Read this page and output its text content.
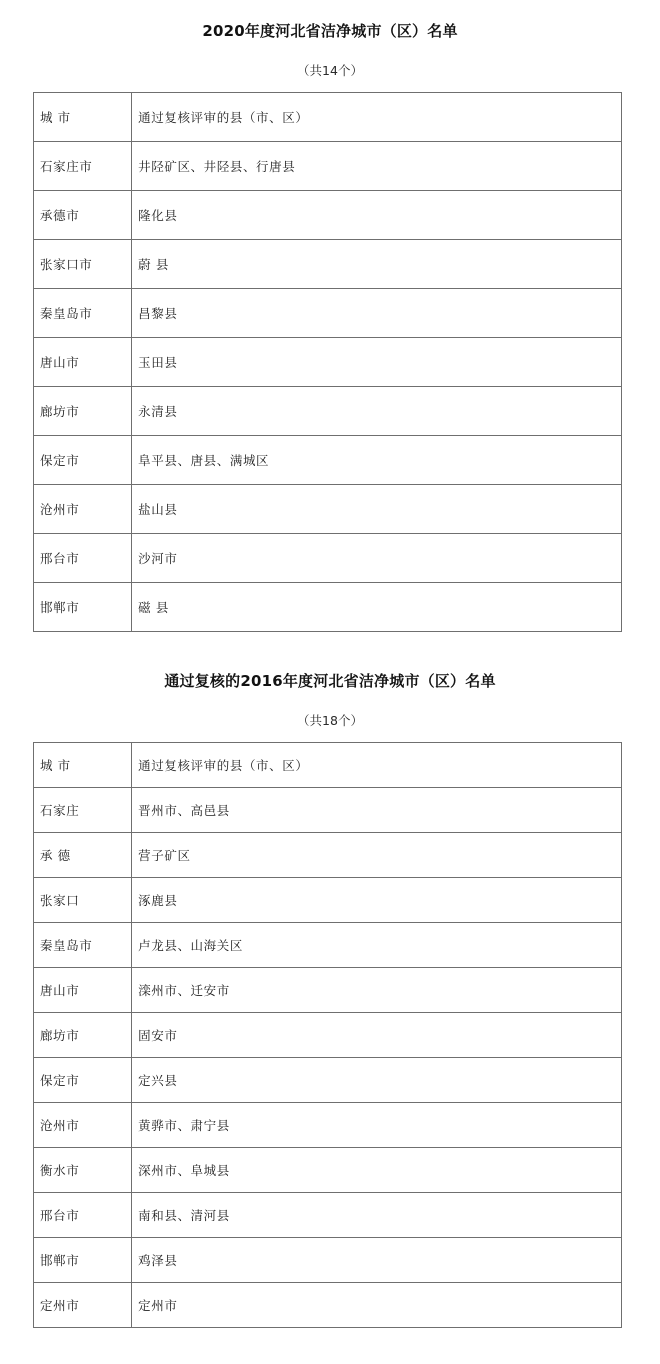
2020年度河北省洁净城市（区）名单
（共14个）
城 市	通过复核评审的县（市、区）
石家庄市	井陉矿区、井陉县、行唐县
承德市	隆化县
张家口市	蔚 县
秦皇岛市	昌黎县
唐山市	玉田县
廊坊市	永清县
保定市	阜平县、唐县、满城区
沧州市	盐山县
邢台市	沙河市
邯郸市	磁 县
通过复核的2016年度河北省洁净城市（区）名单
（共18个）
城 市	通过复核评审的县（市、区）
石家庄	晋州市、高邑县
承 德	营子矿区
张家口	涿鹿县
秦皇岛市	卢龙县、山海关区
唐山市	滦州市、迁安市
廊坊市	固安市
保定市	定兴县
沧州市	黄骅市、肃宁县
衡水市	深州市、阜城县
邢台市	南和县、清河县
邯郸市	鸡泽县
定州市	定州市
